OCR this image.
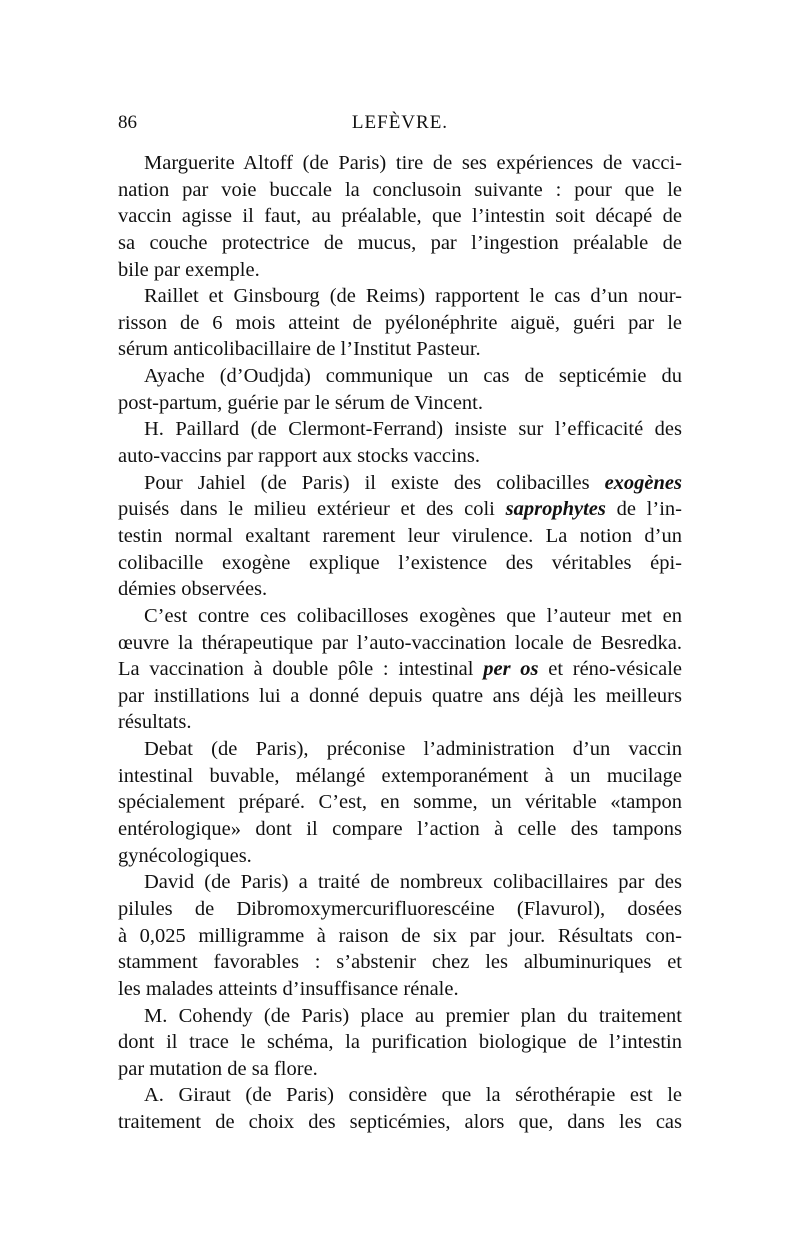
86	LEFÈVRE.
Marguerite Altoff (de Paris) tire de ses expériences de vacci-
nation par voie buccale la conclusoin suivante : pour que le
vaccin agisse il faut, au préalable, que l’intestin soit décapé de
sa couche protectrice de mucus, par l’ingestion préalable de
bile par exemple.
Raillet et Ginsbourg (de Reims) rapportent le cas d’un nour-
risson de 6 mois atteint de pyélonéphrite aiguë, guéri par le
sérum anticolibacillaire de l’Institut Pasteur.
Ayache (d’Oudjda) communique un cas de septicémie du
post-partum, guérie par le sérum de Vincent.
H. Paillard (de Clermont-Ferrand) insiste sur l’efficacité des
auto-vaccins par rapport aux stocks vaccins.
Pour Jahiel (de Paris) il existe des colibacilles exogènes
puisés dans le milieu extérieur et des coli saprophytes de l’in-
testin normal exaltant rarement leur virulence. La notion d’un
colibacille exogène explique l’existence des véritables épi-
démies observées.
C’est contre ces colibacilloses exogènes que l’auteur met en
œuvre la thérapeutique par l’auto-vaccination locale de Besredka.
La vaccination à double pôle : intestinal per os et réno-vésicale
par instillations lui a donné depuis quatre ans déjà les meilleurs
résultats.
Debat (de Paris), préconise l’administration d’un vaccin
intestinal buvable, mélangé extemporanément à un mucilage
spécialement préparé. C’est, en somme, un véritable «tampon
entérologique» dont il compare l’action à celle des tampons
gynécologiques.
David (de Paris) a traité de nombreux colibacillaires par des
pilules de Dibromoxymercurifluorescéine (Flavurol), dosées
à 0,025 milligramme à raison de six par jour. Résultats con-
stamment favorables : s’abstenir chez les albuminuriques et
les malades atteints d’insuffisance rénale.
M. Cohendy (de Paris) place au premier plan du traitement
dont il trace le schéma, la purification biologique de l’intestin
par mutation de sa flore.
A. Giraut (de Paris) considère que la sérothérapie est le
traitement de choix des septicémies, alors que, dans les cas
